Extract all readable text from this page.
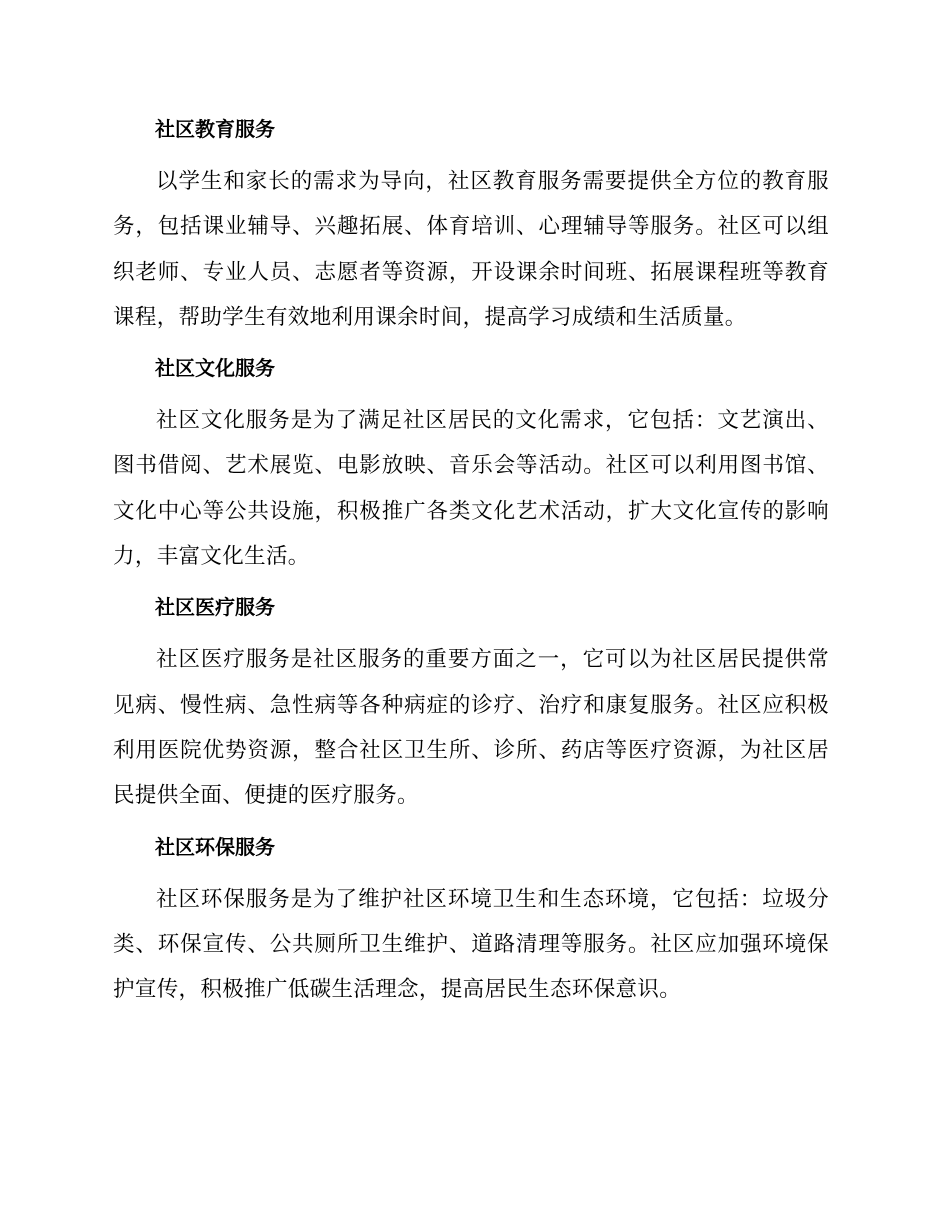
社区教育服务

以学生和家长的需求为导向，社区教育服务需要提供全方位的教育服务，包括课业辅导、兴趣拓展、体育培训、心理辅导等服务。社区可以组织老师、专业人员、志愿者等资源，开设课余时间班、拓展课程班等教育课程，帮助学生有效地利用课余时间，提高学习成绩和生活质量。

社区文化服务

社区文化服务是为了满足社区居民的文化需求，它包括：文艺演出、图书借阅、艺术展览、电影放映、音乐会等活动。社区可以利用图书馆、文化中心等公共设施，积极推广各类文化艺术活动，扩大文化宣传的影响力，丰富文化生活。

社区医疗服务

社区医疗服务是社区服务的重要方面之一，它可以为社区居民提供常见病、慢性病、急性病等各种病症的诊疗、治疗和康复服务。社区应积极利用医院优势资源，整合社区卫生所、诊所、药店等医疗资源，为社区居民提供全面、便捷的医疗服务。

社区环保服务

社区环保服务是为了维护社区环境卫生和生态环境，它包括：垃圾分类、环保宣传、公共厕所卫生维护、道路清理等服务。社区应加强环境保护宣传，积极推广低碳生活理念，提高居民生态环保意识。
